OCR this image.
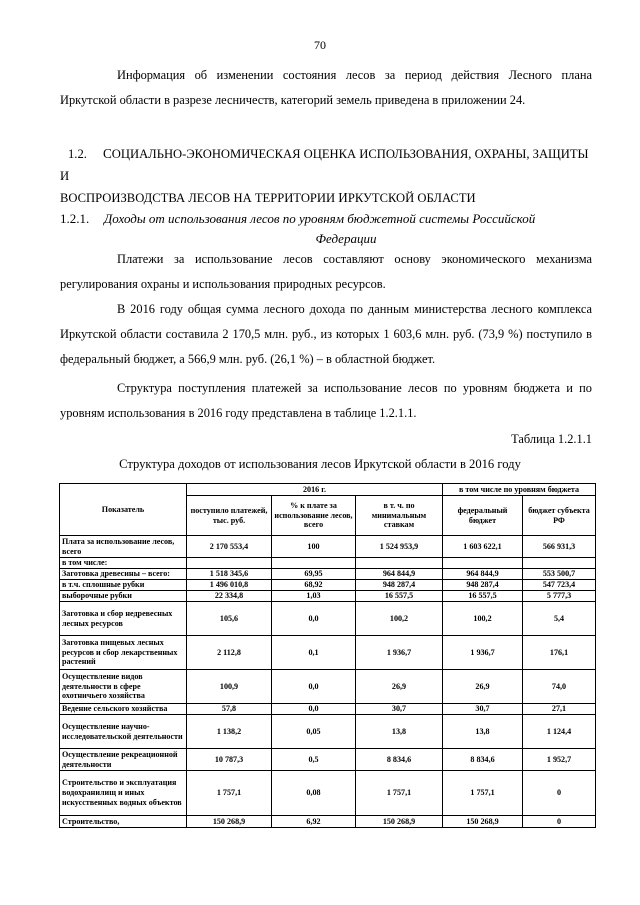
70

Информация об изменении состояния лесов за период действия Лесного плана Иркутской области в разрезе лесничеств, категорий земель приведена в приложении 24.

1.2. СОЦИАЛЬНО-ЭКОНОМИЧЕСКАЯ ОЦЕНКА ИСПОЛЬЗОВАНИЯ, ОХРАНЫ, ЗАЩИТЫ И
ВОСПРОИЗВОДСТВА ЛЕСОВ НА ТЕРРИТОРИИ ИРКУТСКОЙ ОБЛАСТИ
1.2.1. Доходы от использования лесов по уровням бюджетной системы Российской
Федерации

Платежи за использование лесов составляют основу экономического механизма регулирования охраны и использования природных ресурсов.

В 2016 году общая сумма лесного дохода по данным министерства лесного комплекса Иркутской области составила 2 170,5 млн. руб., из которых 1 603,6 млн. руб. (73,9 %) поступило в федеральный бюджет, а 566,9 млн. руб. (26,1 %) – в областной бюджет.

Структура поступления платежей за использование лесов по уровням бюджета и по уровням использования в 2016 году представлена в таблице 1.2.1.1.

Таблица 1.2.1.1
Структура доходов от использования лесов Иркутской области в 2016 году
Показатель	2016 г.			в том числе по уровням бюджета	
	поступило платежей, тыс. руб.	% к плате за использование лесов, всего	в т. ч. по минимальным ставкам	федеральный бюджет	бюджет субъекта РФ
Плата за использование лесов, всего	2 170 553,4	100	1 524 953,9	1 603 622,1	566 931,3
в том числе:					
Заготовка древесины – всего:	1 518 345,6	69,95	964 844,9	964 844,9	553 500,7
в т.ч. сплошные рубки	1 496 010,8	68,92	948 287,4	948 287,4	547 723,4
выборочные рубки	22 334,8	1,03	16 557,5	16 557,5	5 777,3
Заготовка и сбор недревесных лесных ресурсов	105,6	0,0	100,2	100,2	5,4
Заготовка пищевых лесных ресурсов и сбор лекарственных растений	2 112,8	0,1	1 936,7	1 936,7	176,1
Осуществление видов деятельности в сфере охотничьего хозяйства	100,9	0,0	26,9	26,9	74,0
Ведение сельского хозяйства	57,8	0,0	30,7	30,7	27,1
Осуществление научно-исследовательской деятельности	1 138,2	0,05	13,8	13,8	1 124,4
Осуществление рекреационной деятельности	10 787,3	0,5	8 834,6	8 834,6	1 952,7
Строительство и эксплуатация водохранилищ и иных искусственных водных объектов	1 757,1	0,08	1 757,1	1 757,1	0
Строительство,	150 268,9	6,92	150 268,9	150 268,9	0
